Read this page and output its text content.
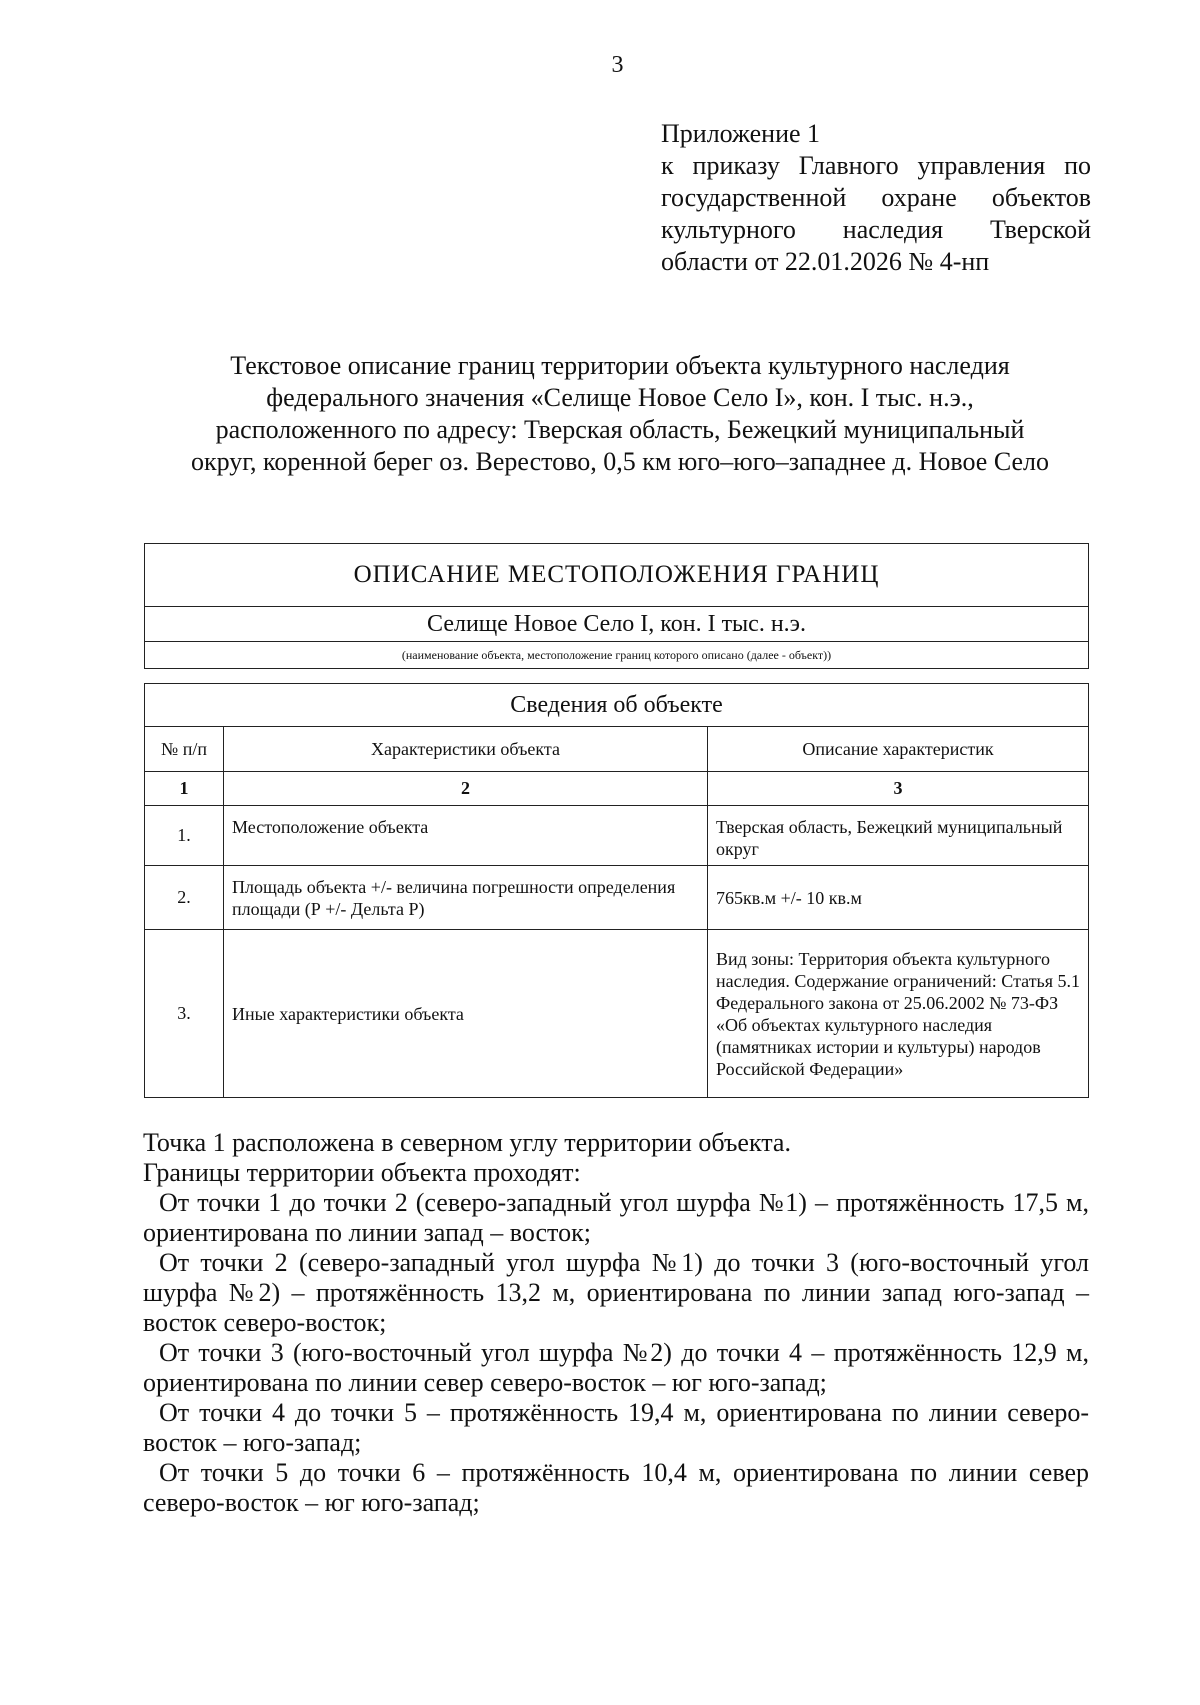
3
Приложение 1
к приказу Главного управления по
государственной охране объектов
культурного наследия Тверской
области от 22.01.2026 № 4-нп
Текстовое описание границ территории объекта культурного наследия
федерального значения «Селище Новое Село I», кон. I тыс. н.э.,
расположенного по адресу: Тверская область, Бежецкий муниципальный
округ, коренной берег оз. Верестово, 0,5 км юго–юго–западнее д. Новое Село
ОПИСАНИЕ МЕСТОПОЛОЖЕНИЯ ГРАНИЦ		
Селище Новое Село I, кон. I тыс. н.э.		
(наименование объекта, местоположение границ которого описано (далее - объект))		

Сведения об объекте		
№ п/п	Характеристики объекта	Описание характеристик
1	2	3
1.	Местоположение объекта	Тверская область, Бежецкий муниципальный округ
2.	Площадь объекта +/- величина погрешности определения площади (Р +/- Дельта Р)	765кв.м +/- 10 кв.м
3.	Иные характеристики объекта	Вид зоны: Территория объекта культурного наследия. Содержание ограничений: Статья 5.1 Федерального закона от 25.06.2002 № 73-ФЗ «Об объектах культурного наследия (памятниках истории и культуры) народов Российской Федерации»

Точка 1 расположена в северном углу территории объекта.

Границы территории объекта проходят:

От точки 1 до точки 2 (северо-западный угол шурфа №1) – протяжённость 17,5 м, ориентирована по линии запад – восток;

От точки 2 (северо-западный угол шурфа №1) до точки 3 (юго-восточный угол шурфа №2) – протяжённость 13,2 м, ориентирована по линии запад юго-запад – восток северо-восток;

От точки 3 (юго-восточный угол шурфа №2) до точки 4 – протяжённость 12,9 м, ориентирована по линии север северо-восток – юг юго-запад;

От точки 4 до точки 5 – протяжённость 19,4 м, ориентирована по линии северо-восток – юго-запад;

От точки 5 до точки 6 – протяжённость 10,4 м, ориентирована по линии север северо-восток – юг юго-запад;
